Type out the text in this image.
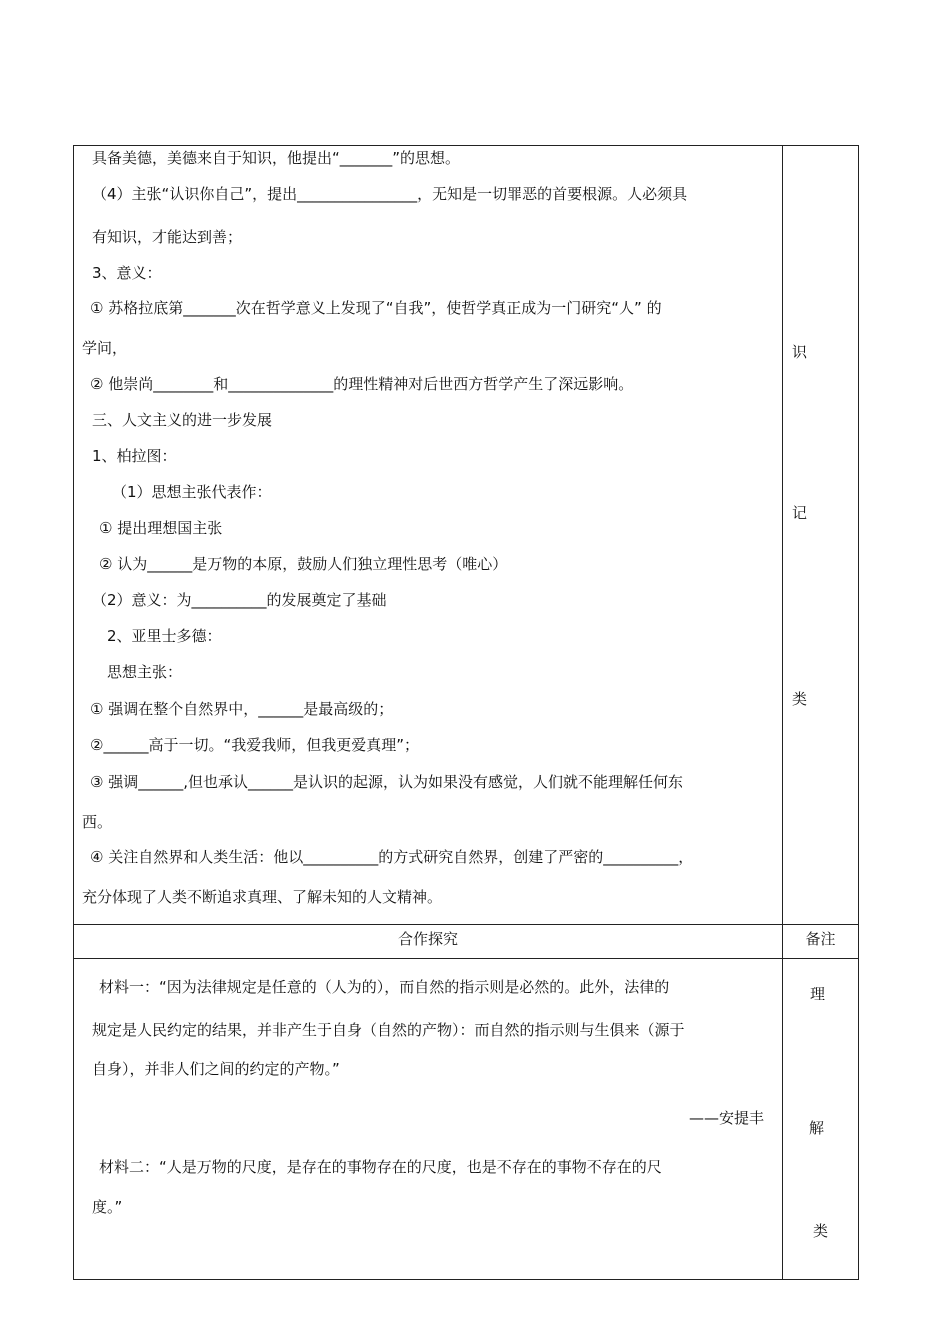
具备美德，美德来自于知识，他提出“_______”的思想。
（4）主张“认识你自己”，提出________________，无知是一切罪恶的首要根源。人必须具
有知识，才能达到善；
3、意义：
① 苏格拉底第_______次在哲学意义上发现了“自我”，使哲学真正成为一门研究“人” 的
学问，
② 他崇尚________和______________的理性精神对后世西方哲学产生了深远影响。
三、人文主义的进一步发展
1、柏拉图：
（1）思想主张代表作：
① 提出理想国主张
② 认为______是万物的本原，鼓励人们独立理性思考（唯心）
（2）意义：为__________的发展奠定了基础
2、亚里士多德：
思想主张：
① 强调在整个自然界中，______是最高级的；
②______高于一切。“我爱我师，但我更爱真理”；
③ 强调______,但也承认______是认识的起源，认为如果没有感觉，人们就不能理解任何东
西。
④ 关注自然界和人类生活：他以__________的方式研究自然界，创建了严密的__________，
充分体现了人类不断追求真理、了解未知的人文精神。
识
记
类
合作探究	备注
材料一：“因为法律规定是任意的（人为的），而自然的指示则是必然的。此外，法律的
规定是人民约定的结果，并非产生于自身（自然的产物）：而自然的指示则与生俱来（源于
自身），并非人们之间的约定的产物。”
——安提丰
材料二：“人是万物的尺度，是存在的事物存在的尺度，也是不存在的事物不存在的尺
度。”
理
解
类
